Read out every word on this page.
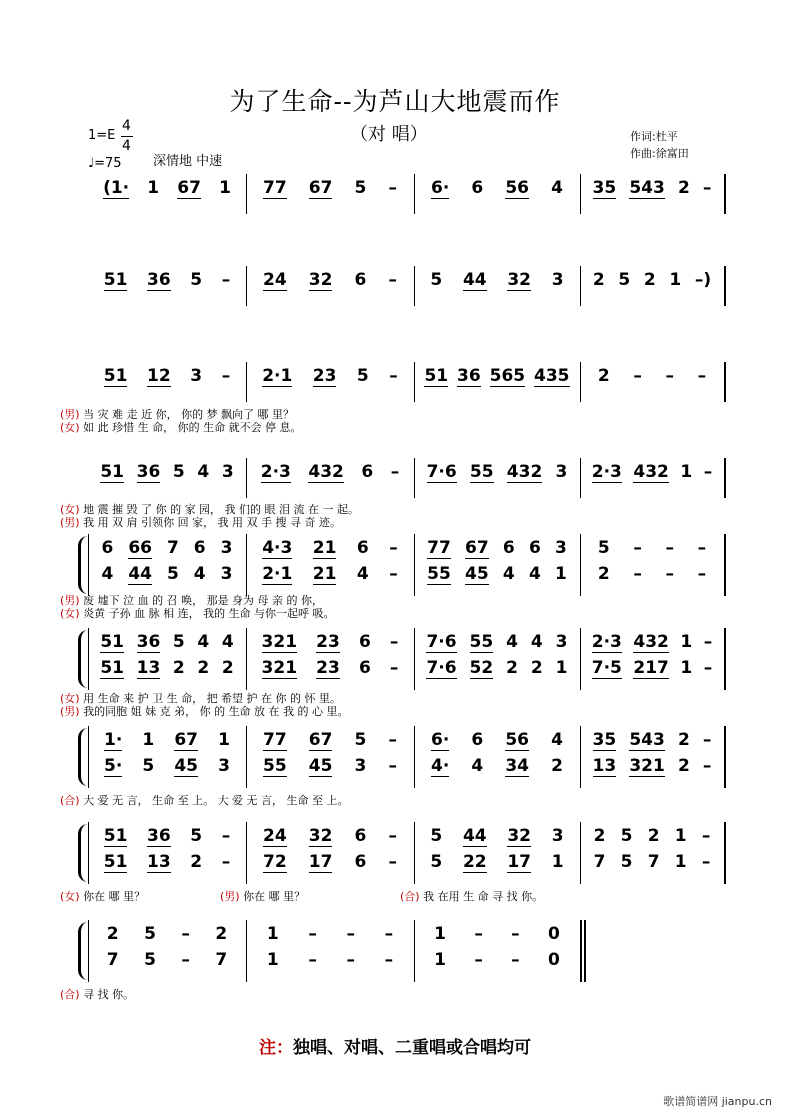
为了生命--为芦山大地震而作
（对 唱）
1=E
4
4
♩=75 深情地 中速
作词:杜平
作曲:徐富田
(1· 1 67 1 77 67 5 – 6· 6 56 4 35 543 2 –
51 36 5 – 24 32 6 – 5 44 32 3 2 5 2 1 –)
51 12 3 – 2·1 23 5 – 51 36 565 435 2 – – –
(男) 当 灾 难 走 近 你， 你的 梦 飘向了 哪 里？
(女) 如 此 珍惜 生 命， 你的 生命 就不会 停 息。
51 36 5 4 3 2·3 432 6 – 7·6 55 432 3 2·3 432 1 –
(女) 地 震 摧 毁 了 你 的 家 园， 我 们的 眼 泪 流 在 一 起。
(男) 我 用 双 肩 引领你 回 家， 我 用 双 手 搜 寻 奇 迹。
6 66 7 6 3
4 44 5 4 3
4·3 21 6 –
2·1 21 4 –
77 67 6 6 3
55 45 4 4 1
5 – – –
2 – – –
(男) 废 墟下 泣 血 的 召 唤， 那是 身为 母 亲 的 你，
(女) 炎黄 子孙 血 脉 相 连， 我的 生命 与你一起呼 吸。
51 36 5 4 4
51 13 2 2 2
321 23 6 –
321 23 6 –
7·6 55 4 4 3
7·6 52 2 2 1
2·3 432 1 –
7·5 217 1 –
(女) 用 生命 来 护 卫 生 命， 把 希望 护 在 你 的 怀 里。
(男) 我的同胞 姐 妹 克 弟， 你 的 生命 放 在 我 的 心 里。
1· 1 67 1
5· 5 45 3
77 67 5 –
55 45 3 –
6· 6 56 4
4· 4 34 2
35 543 2 –
13 321 2 –
(合) 大 爱 无 言， 生命 至 上。 大 爱 无 言， 生命 至 上。
51 36 5 –
51 13 2 –
24 32 6 –
72 17 6 –
5 44 32 3
5 22 17 1
2 5 2 1 –
7 5 7 1 –
(女) 你在 哪 里？	(男) 你在 哪 里？	(合) 我 在用 生 命 寻 找 你。
2 5 – 2
7 5 – 7
1 – – –
1 – – –
1 – – 0
1 – – 0
(合) 寻 找 你。
注：独唱、对唱、二重唱或合唱均可
歌谱简谱网 jianpu.cn
